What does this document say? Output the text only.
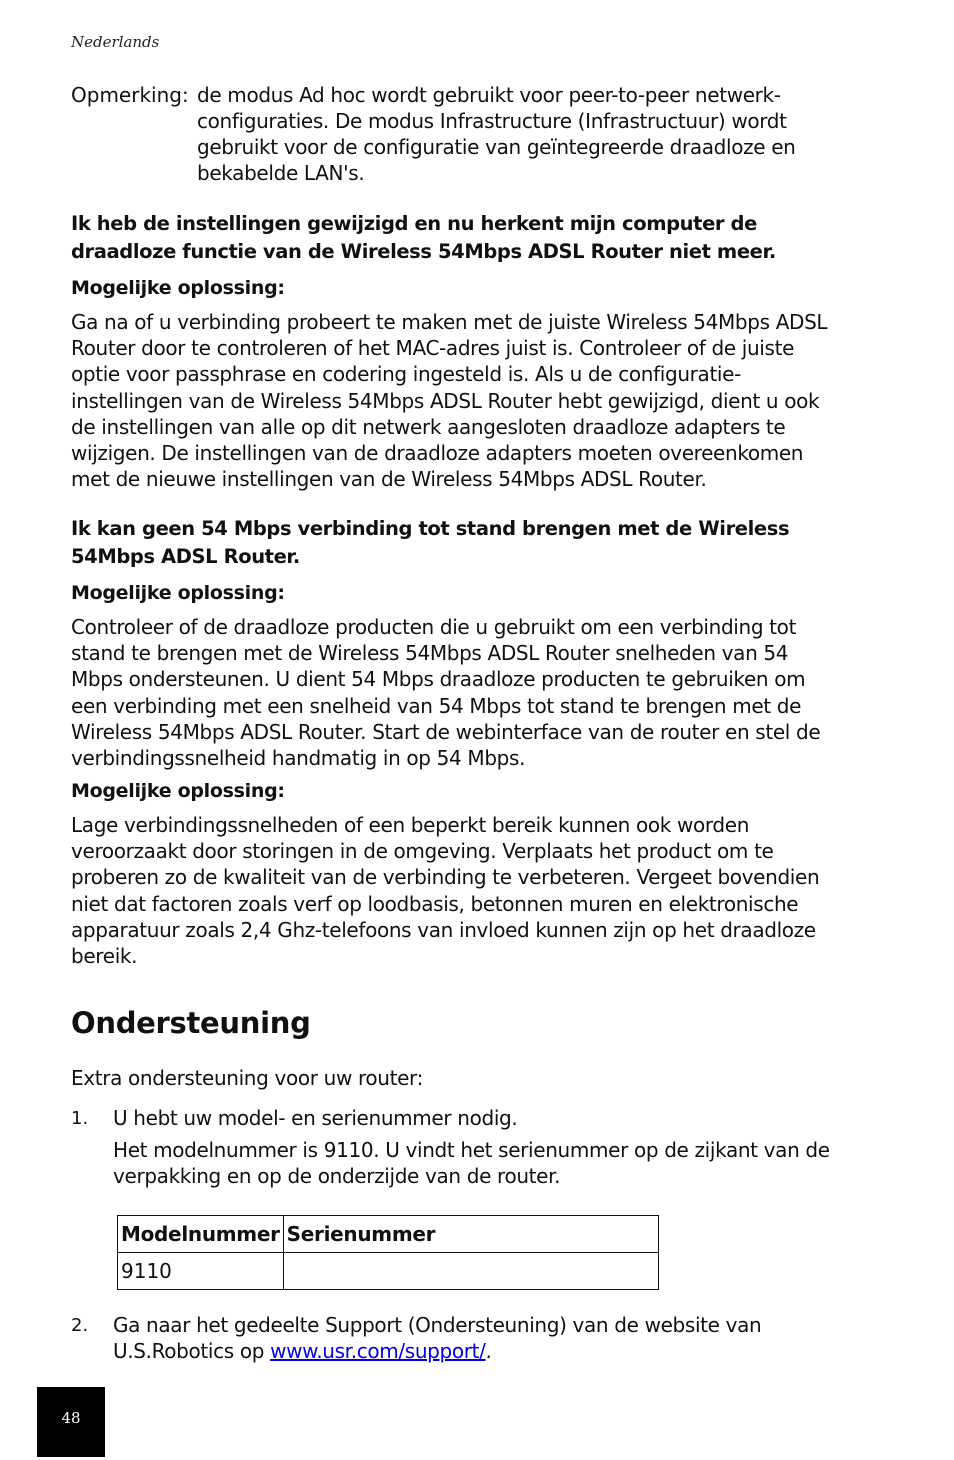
Nederlands
Opmerking: de modus Ad hoc wordt gebruikt voor peer-to-peer netwerk-
configuraties. De modus Infrastructure (Infrastructuur) wordt
gebruikt voor de configuratie van geïntegreerde draadloze en
bekabelde LAN's.
Ik heb de instellingen gewijzigd en nu herkent mijn computer de
draadloze functie van de Wireless 54Mbps ADSL Router niet meer.
Mogelijke oplossing:
Ga na of u verbinding probeert te maken met de juiste Wireless 54Mbps ADSL
Router door te controleren of het MAC-adres juist is. Controleer of de juiste
optie voor passphrase en codering ingesteld is. Als u de configuratie-
instellingen van de Wireless 54Mbps ADSL Router hebt gewijzigd, dient u ook
de instellingen van alle op dit netwerk aangesloten draadloze adapters te
wijzigen. De instellingen van de draadloze adapters moeten overeenkomen
met de nieuwe instellingen van de Wireless 54Mbps ADSL Router.
Ik kan geen 54 Mbps verbinding tot stand brengen met de Wireless
54Mbps ADSL Router.
Mogelijke oplossing:
Controleer of de draadloze producten die u gebruikt om een verbinding tot
stand te brengen met de Wireless 54Mbps ADSL Router snelheden van 54
Mbps ondersteunen. U dient 54 Mbps draadloze producten te gebruiken om
een verbinding met een snelheid van 54 Mbps tot stand te brengen met de
Wireless 54Mbps ADSL Router. Start de webinterface van de router en stel de
verbindingssnelheid handmatig in op 54 Mbps.
Mogelijke oplossing:
Lage verbindingssnelheden of een beperkt bereik kunnen ook worden
veroorzaakt door storingen in de omgeving. Verplaats het product om te
proberen zo de kwaliteit van de verbinding te verbeteren. Vergeet bovendien
niet dat factoren zoals verf op loodbasis, betonnen muren en elektronische
apparatuur zoals 2,4 Ghz-telefoons van invloed kunnen zijn op het draadloze
bereik.
Ondersteuning
Extra ondersteuning voor uw router:
1. U hebt uw model- en serienummer nodig.
Het modelnummer is 9110. U vindt het serienummer op de zijkant van de
verpakking en op de onderzijde van de router.
Modelnummer	Serienummer
9110	
2. Ga naar het gedeelte Support (Ondersteuning) van de website van
U.S.Robotics op www.usr.com/support/.
48
